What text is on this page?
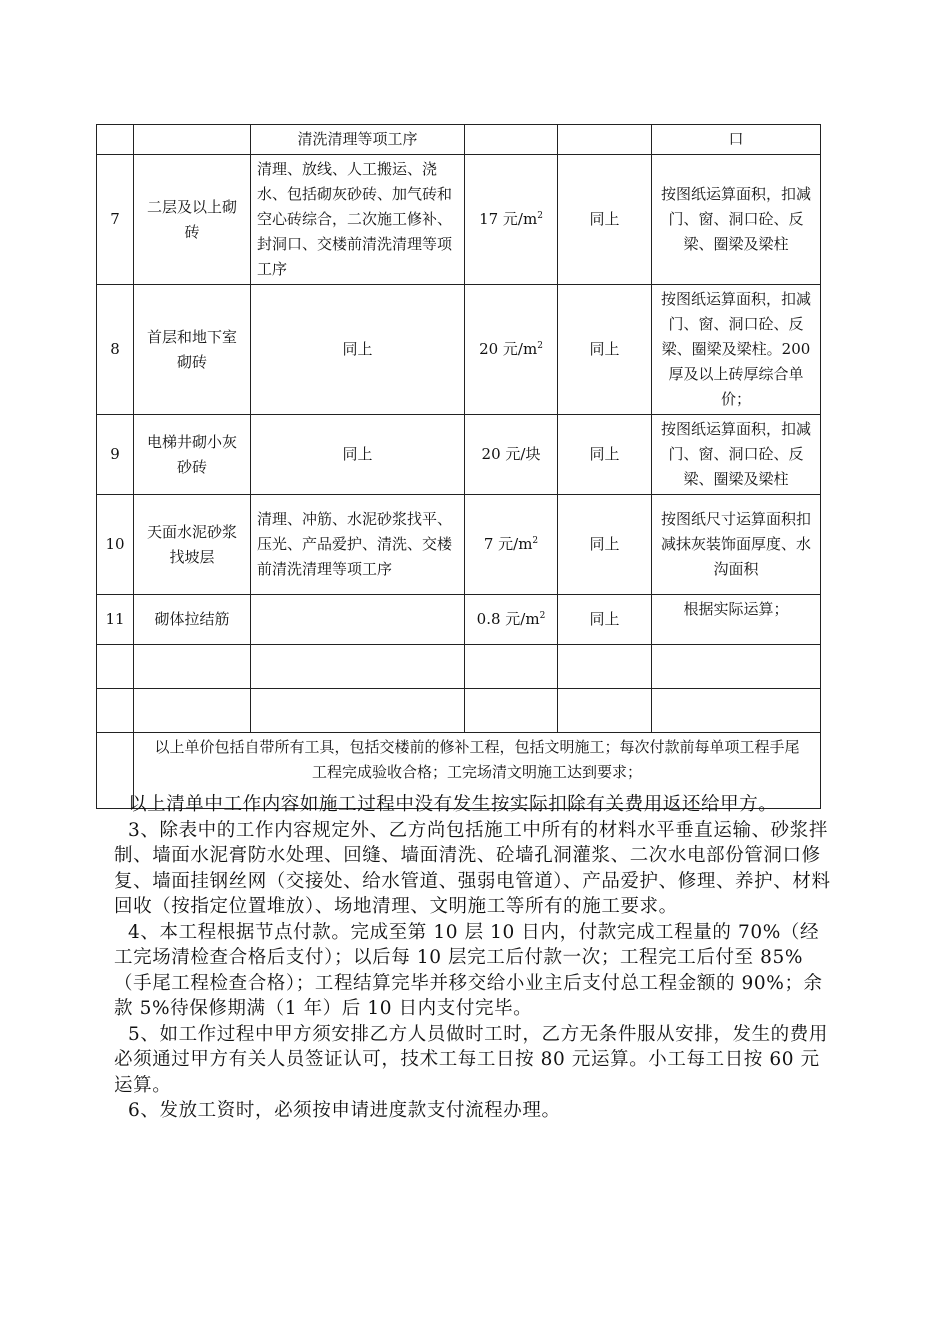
		清洗清理等项工序			口
7	二层及以上砌砖	清理、放线、人工搬运、浇水、包括砌灰砂砖、加气砖和空心砖综合，二次施工修补、封洞口、交楼前清洗清理等项工序	17 元$/m^2$	同上	按图纸运算面积，扣减门、窗、洞口砼、反梁、圈梁及梁柱
8	首层和地下室砌砖	同上	20 元$/m^2$	同上	按图纸运算面积，扣减门、窗、洞口砼、反梁、圈梁及梁柱。200 厚及以上砖厚综合单价；
9	电梯井砌小灰砂砖	同上	20 元/块	同上	按图纸运算面积，扣减门、窗、洞口砼、反梁、圈梁及梁柱
10	天面水泥砂浆找坡层	清理、冲筋、水泥砂浆找平、压光、产品爱护、清洗、交楼前清洗清理等项工序	7 元$/m^2$	同上	按图纸尺寸运算面积扣减抹灰装饰面厚度、水沟面积
11	砌体拉结筋		0.8 元$/m^2$	同上	根据实际运算；

	以上单价包括自带所有工具，包括交楼前的修补工程，包括文明施工；每次付款前每单项工程手尾工程完成验收合格；工完场清文明施工达到要求；				

以上清单中工作内容如施工过程中没有发生按实际扣除有关费用返还给甲方。

3、除表中的工作内容规定外、乙方尚包括施工中所有的材料水平垂直运输、砂浆拌制、墙面水泥膏防水处理、回缝、墙面清洗、砼墙孔洞灌浆、二次水电部份管洞口修复、墙面挂钢丝网（交接处、给水管道、强弱电管道）、产品爱护、修理、养护、材料回收（按指定位置堆放）、场地清理、文明施工等所有的施工要求。

4、本工程根据节点付款。完成至第 10 层 10 日内，付款完成工程量的 70%（经工完场清检查合格后支付）；以后每 10 层完工后付款一次；工程完工后付至 85%（手尾工程检查合格）；工程结算完毕并移交给小业主后支付总工程金额的 90%；余款 5%待保修期满（1 年）后 10 日内支付完毕。

5、如工作过程中甲方须安排乙方人员做时工时，乙方无条件服从安排，发生的费用必须通过甲方有关人员签证认可，技术工每工日按 80 元运算。小工每工日按 60 元运算。

6、发放工资时，必须按申请进度款支付流程办理。
